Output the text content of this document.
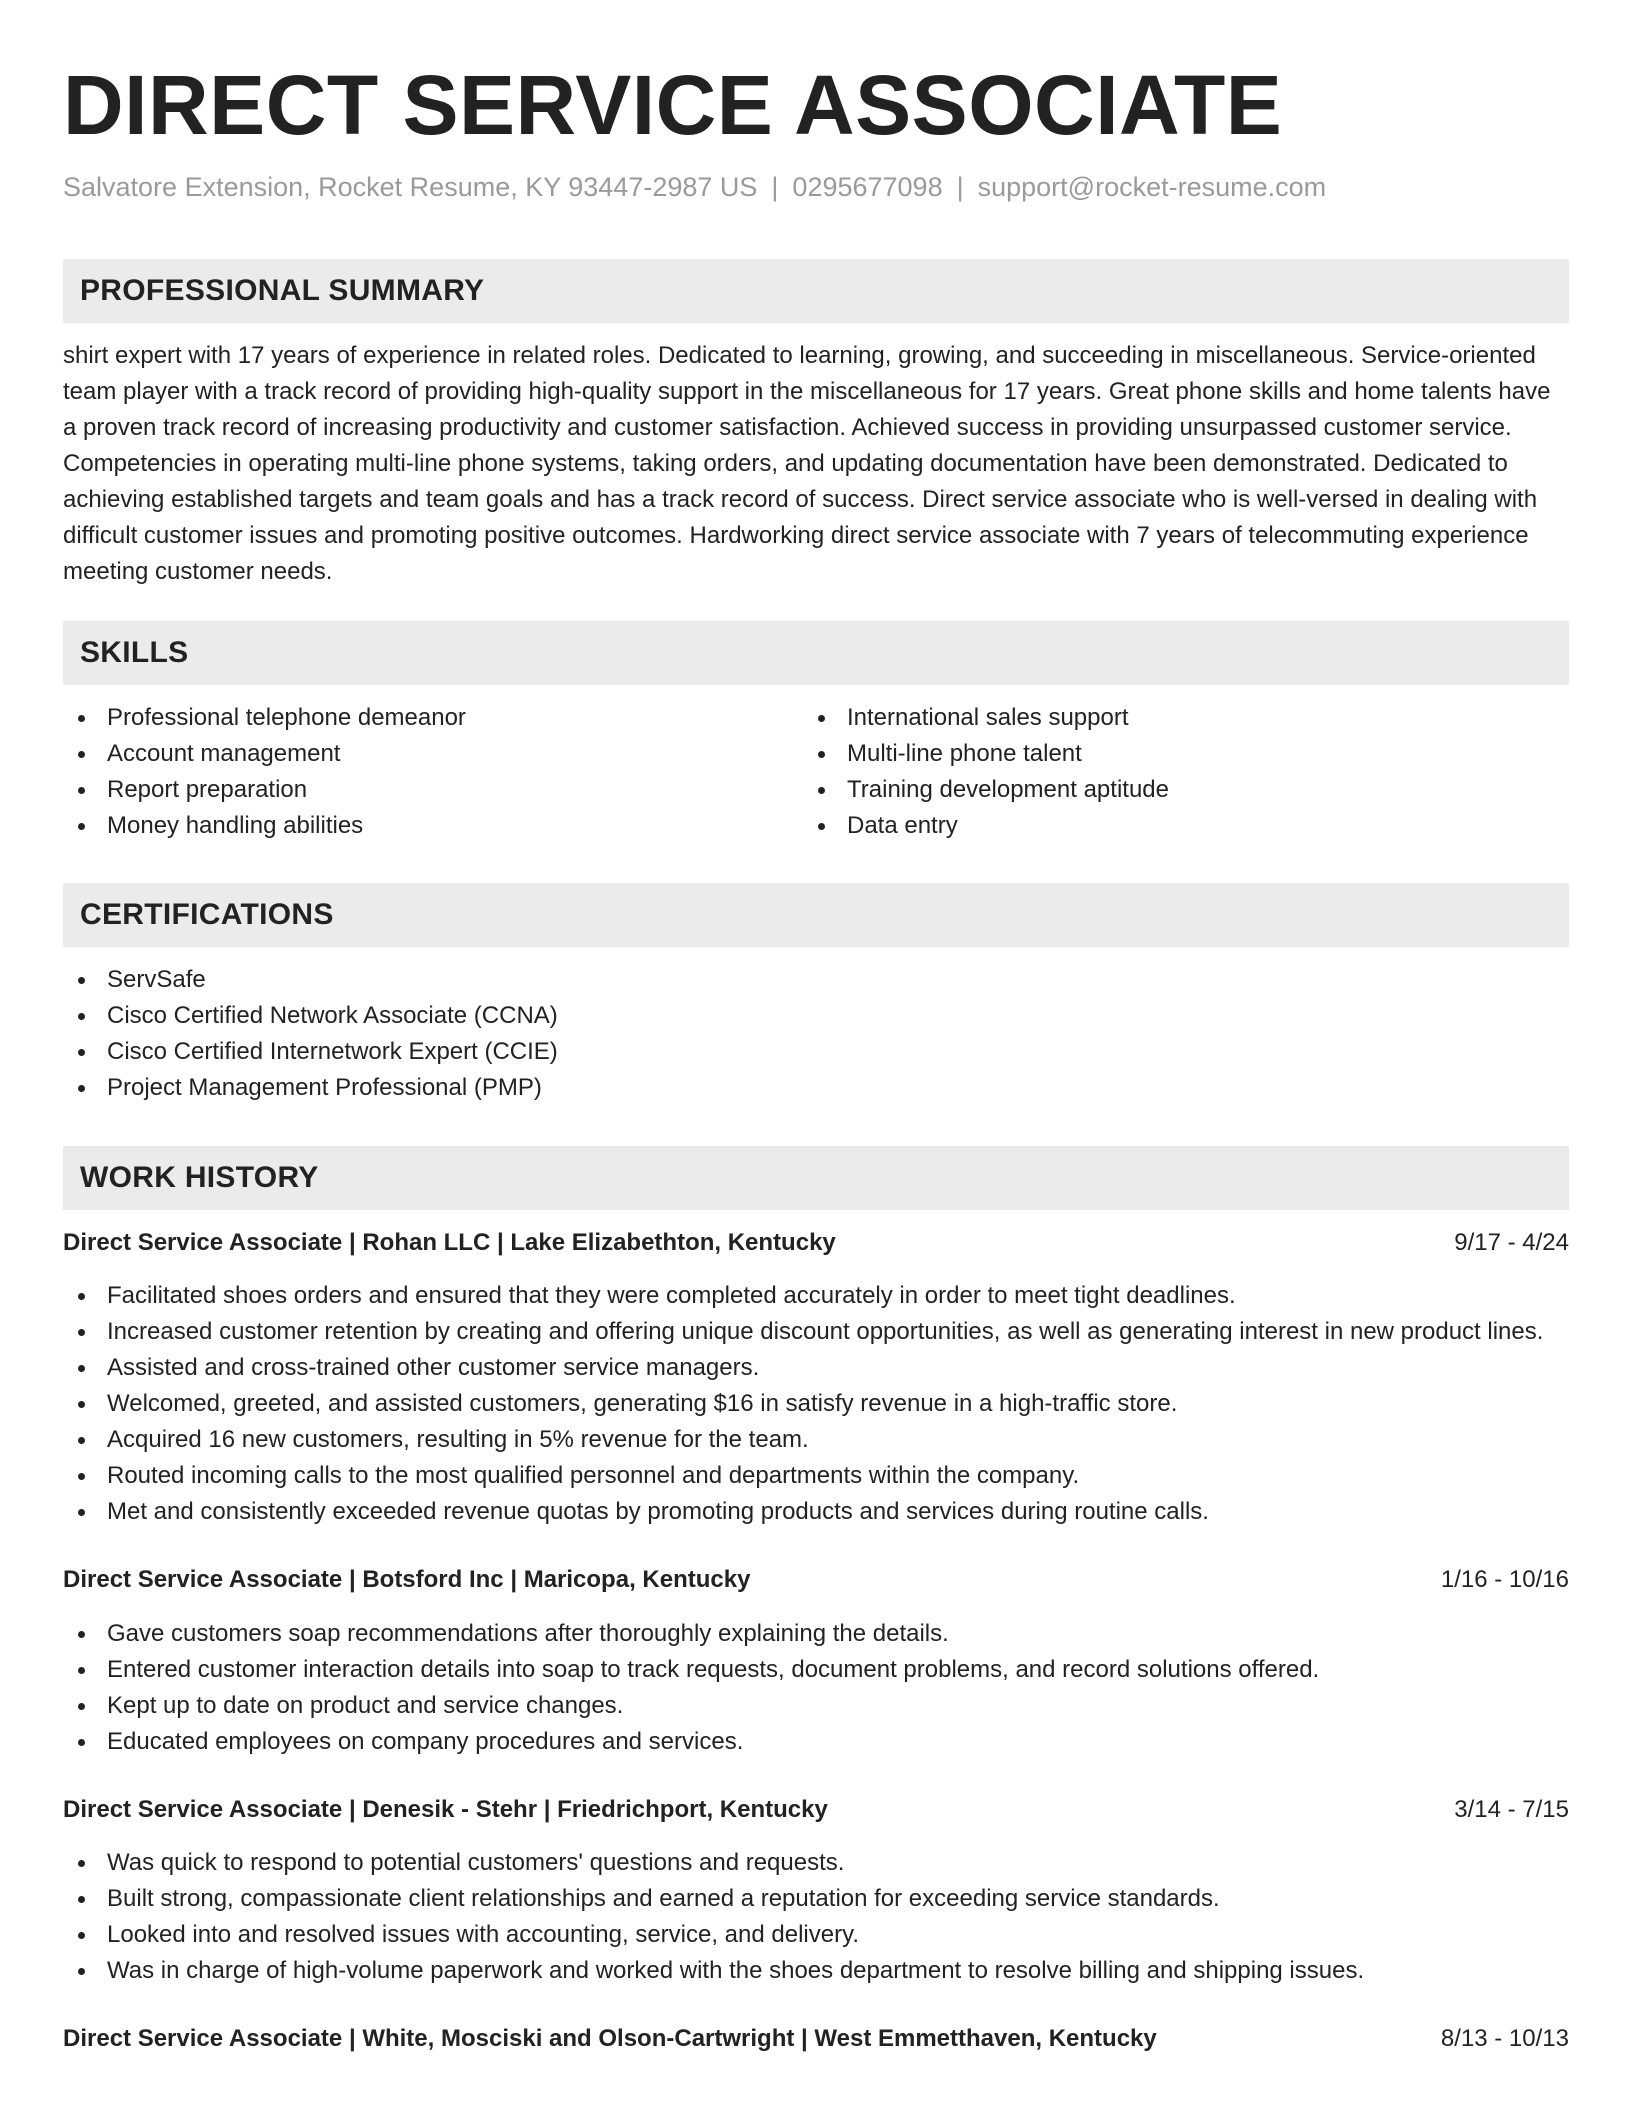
DIRECT SERVICE ASSOCIATE
Salvatore Extension, Rocket Resume, KY 93447-2987 US | 0295677098 | support@rocket-resume.com
PROFESSIONAL SUMMARY

shirt expert with 17 years of experience in related roles. Dedicated to learning, growing, and succeeding in miscellaneous. Service-oriented team player with a track record of providing high-quality support in the miscellaneous for 17 years. Great phone skills and home talents have a proven track record of increasing productivity and customer satisfaction. Achieved success in providing unsurpassed customer service. Competencies in operating multi-line phone systems, taking orders, and updating documentation have been demonstrated. Dedicated to achieving established targets and team goals and has a track record of success. Direct service associate who is well-versed in dealing with difficult customer issues and promoting positive outcomes. Hardworking direct service associate with 7 years of telecommuting experience meeting customer needs.

SKILLS
Professional telephone demeanor
Account management
Report preparation
Money handling abilities
International sales support
Multi-line phone talent
Training development aptitude
Data entry
CERTIFICATIONS
ServSafe
Cisco Certified Network Associate (CCNA)
Cisco Certified Internetwork Expert (CCIE)
Project Management Professional (PMP)
WORK HISTORY
Direct Service Associate | Rohan LLC | Lake Elizabethton, Kentucky	9/17 - 4/24
Facilitated shoes orders and ensured that they were completed accurately in order to meet tight deadlines.
Increased customer retention by creating and offering unique discount opportunities, as well as generating interest in new product lines.
Assisted and cross-trained other customer service managers.
Welcomed, greeted, and assisted customers, generating $16 in satisfy revenue in a high-traffic store.
Acquired 16 new customers, resulting in 5% revenue for the team.
Routed incoming calls to the most qualified personnel and departments within the company.
Met and consistently exceeded revenue quotas by promoting products and services during routine calls.
Direct Service Associate | Botsford Inc | Maricopa, Kentucky	1/16 - 10/16
Gave customers soap recommendations after thoroughly explaining the details.
Entered customer interaction details into soap to track requests, document problems, and record solutions offered.
Kept up to date on product and service changes.
Educated employees on company procedures and services.
Direct Service Associate | Denesik - Stehr | Friedrichport, Kentucky	3/14 - 7/15
Was quick to respond to potential customers' questions and requests.
Built strong, compassionate client relationships and earned a reputation for exceeding service standards.
Looked into and resolved issues with accounting, service, and delivery.
Was in charge of high-volume paperwork and worked with the shoes department to resolve billing and shipping issues.
Direct Service Associate | White, Mosciski and Olson-Cartwright | West Emmetthaven, Kentucky	8/13 - 10/13
